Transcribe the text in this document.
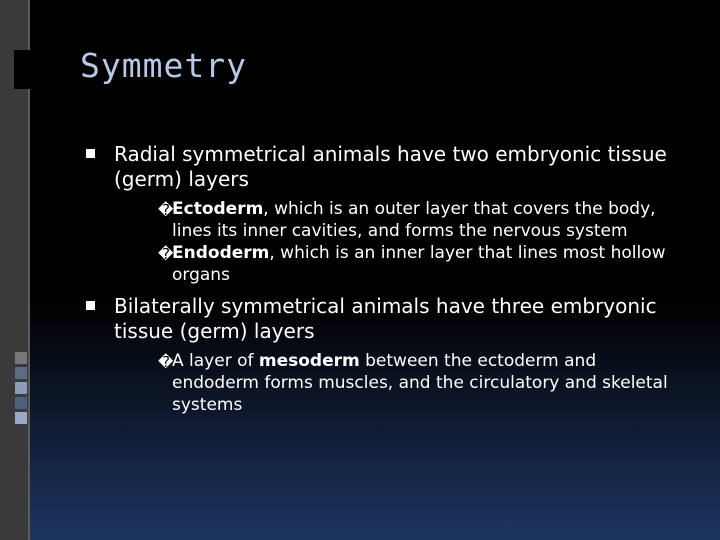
Symmetry
Radial symmetrical animals have two embryonic tissue (germ) layers
�
Ectoderm, which is an outer layer that covers the body, lines its inner cavities, and forms the nervous system
�
Endoderm, which is an inner layer that lines most hollow organs
Bilaterally symmetrical animals have three embryonic tissue (germ) layers
�
A layer of mesoderm between the ectoderm and endoderm forms muscles, and the circulatory and skeletal systems
